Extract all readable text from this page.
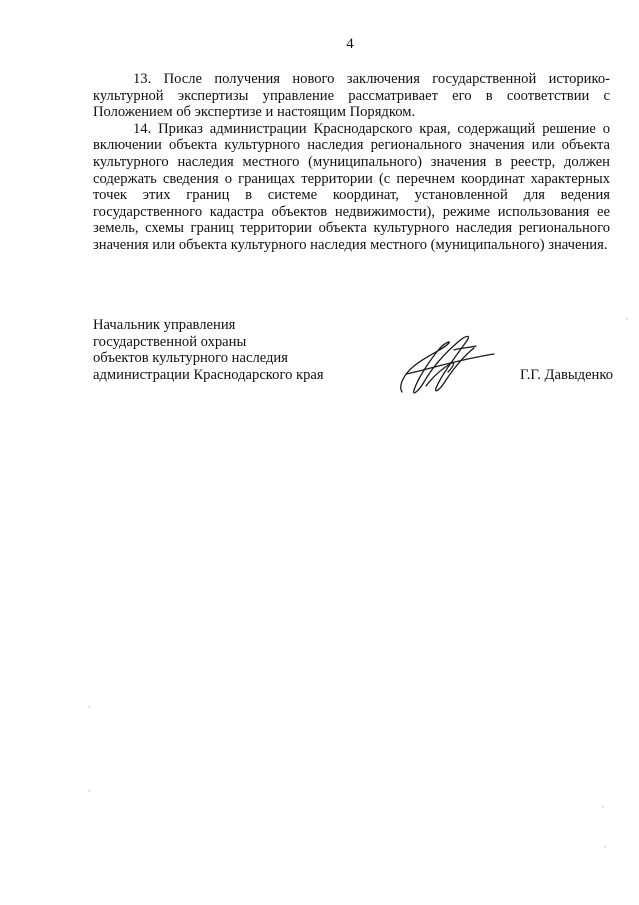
4

13. После получения нового заключения государственной историко-культурной экспертизы управление рассматривает его в соответствии с Положением об экспертизе и настоящим Порядком.

14. Приказ администрации Краснодарского края, содержащий решение о включении объекта культурного наследия регионального значения или объекта культурного наследия местного (муниципального) значения в реестр, должен содержать сведения о границах территории (с перечнем координат характерных точек этих границ в системе координат, установленной для ведения государственного кадастра объектов недвижимости), режиме использования ее земель, схемы границ территории объекта культурного наследия регионального значения или объекта культурного наследия местного (муниципального) значения.

Начальник управления
государственной охраны
объектов культурного наследия
администрации Краснодарского края	Г.Г. Давыденко
